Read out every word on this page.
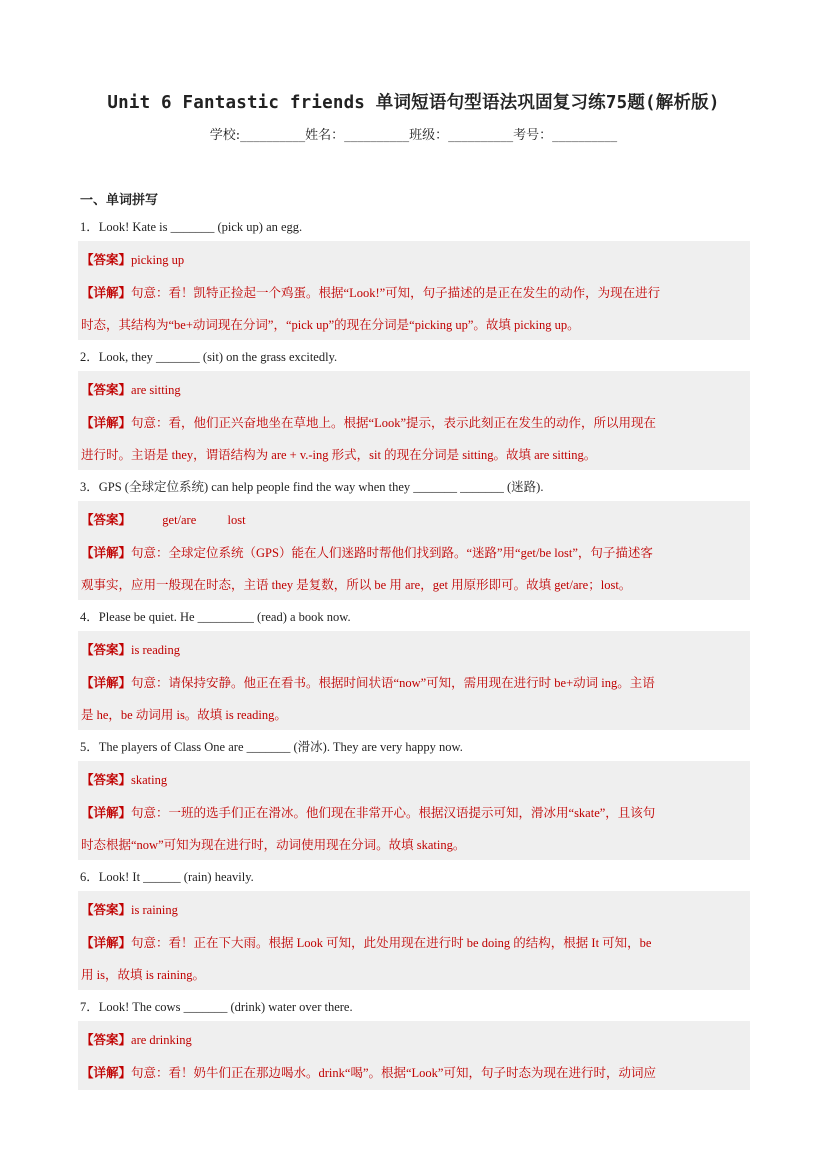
Unit 6 Fantastic friends 单词短语句型语法巩固复习练75题(解析版)
学校:__________姓名：__________班级：__________考号：__________
一、单词拼写
1．Look! Kate is _______ (pick up) an egg.
【答案】picking up
【详解】句意：看！凯特正捡起一个鸡蛋。根据“Look!”可知，句子描述的是正在发生的动作，为现在进行
时态，其结构为“be+动词现在分词”，“pick up”的现在分词是“picking up”。故填 picking up。
2．Look, they _______ (sit) on the grass excitedly.
【答案】are sitting
【详解】句意：看，他们正兴奋地坐在草地上。根据“Look”提示，表示此刻正在发生的动作，所以用现在
进行时。主语是 they，谓语结构为 are + v.-ing 形式，sit 的现在分词是 sitting。故填 are sitting。
3．GPS (全球定位系统) can help people find the way when they _______ _______ (迷路).
【答案】          get/are          lost
【详解】句意：全球定位系统（GPS）能在人们迷路时帮他们找到路。“迷路”用“get/be lost”，句子描述客
观事实，应用一般现在时态，主语 they 是复数，所以 be 用 are，get 用原形即可。故填 get/are；lost。
4．Please be quiet. He _________ (read) a book now.
【答案】is reading
【详解】句意：请保持安静。他正在看书。根据时间状语“now”可知，需用现在进行时 be+动词 ing。主语
是 he，be 动词用 is。故填 is reading。
5．The players of Class One are _______ (滑冰). They are very happy now.
【答案】skating
【详解】句意：一班的选手们正在滑冰。他们现在非常开心。根据汉语提示可知，滑冰用“skate”，且该句
时态根据“now”可知为现在进行时，动词使用现在分词。故填 skating。
6．Look! It ______ (rain) heavily.
【答案】is raining
【详解】句意：看！正在下大雨。根据 Look 可知，此处用现在进行时 be doing 的结构，根据 It 可知，be
用 is，故填 is raining。
7．Look! The cows _______ (drink) water over there.
【答案】are drinking
【详解】句意：看！奶牛们正在那边喝水。drink“喝”。根据“Look”可知，句子时态为现在进行时，动词应
